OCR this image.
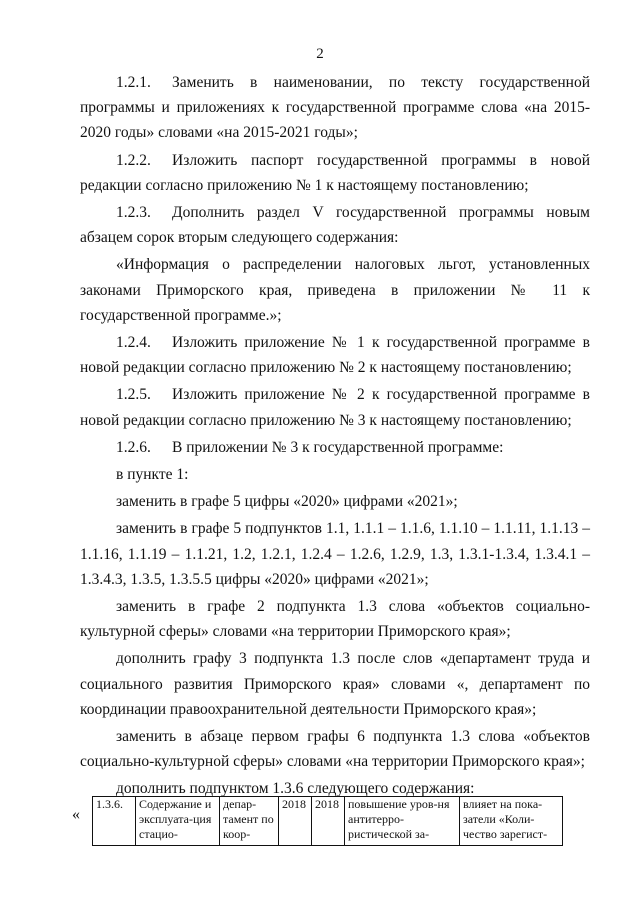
2

1.2.1. Заменить в наименовании, по тексту государственной программы и приложениях к государственной программе слова «на 2015-2020 годы» словами «на 2015-2021 годы»;

1.2.2. Изложить паспорт государственной программы в новой редакции согласно приложению № 1 к настоящему постановлению;

1.2.3. Дополнить раздел V государственной программы новым абзацем сорок вторым следующего содержания:

«Информация о распределении налоговых льгот, установленных законами Приморского края, приведена в приложении № 11 к государственной программе.»;

1.2.4. Изложить приложение № 1 к государственной программе в новой редакции согласно приложению № 2 к настоящему постановлению;

1.2.5. Изложить приложение № 2 к государственной программе в новой редакции согласно приложению № 3 к настоящему постановлению;

1.2.6. В приложении № 3 к государственной программе:

в пункте 1:

заменить в графе 5 цифры «2020» цифрами «2021»;

заменить в графе 5 подпунктов 1.1, 1.1.1 – 1.1.6, 1.1.10 – 1.1.11, 1.1.13 – 1.1.16, 1.1.19 – 1.1.21, 1.2, 1.2.1, 1.2.4 – 1.2.6, 1.2.9, 1.3, 1.3.1-1.3.4, 1.3.4.1 – 1.3.4.3, 1.3.5, 1.3.5.5 цифры «2020» цифрами «2021»;

заменить в графе 2 подпункта 1.3 слова «объектов социально-культурной сферы» словами «на территории Приморского края»;

дополнить графу 3 подпункта 1.3 после слов «департамент труда и социального развития Приморского края» словами «, департамент по координации правоохранительной деятельности Приморского края»;

заменить в абзаце первом графы 6 подпункта 1.3 слова «объектов социально-культурной сферы» словами «на территории Приморского края»;

дополнить подпунктом 1.3.6 следующего содержания:

«
1.3.6.	Содержание и эксплуата-ция стацио-	депар-тамент по коор-	2018	2018	повышение уров-ня антитерро-ристической за-	влияет на пока-затели «Коли-чество зарегист-
